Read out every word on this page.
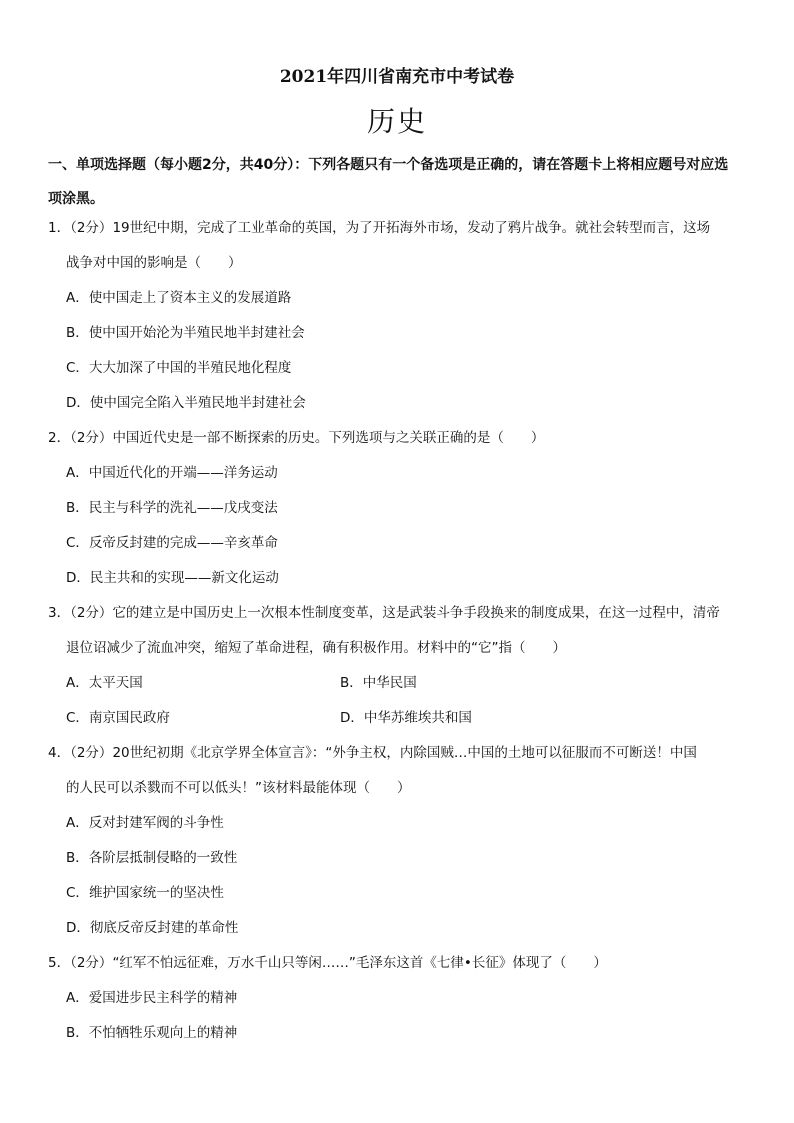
2021年四川省南充市中考试卷
历史
一、单项选择题（每小题2分，共40分）：下列各题只有一个备选项是正确的，请在答题卡上将相应题号对应选
项涂黑。
1．（2分）19世纪中期，完成了工业革命的英国，为了开拓海外市场，发动了鸦片战争。就社会转型而言，这场
战争对中国的影响是（　　）
A．使中国走上了资本主义的发展道路
B．使中国开始沦为半殖民地半封建社会
C．大大加深了中国的半殖民地化程度
D．使中国完全陷入半殖民地半封建社会
2．（2分）中国近代史是一部不断探索的历史。下列选项与之关联正确的是（　　）
A．中国近代化的开端——洋务运动
B．民主与科学的洗礼——戊戌变法
C．反帝反封建的完成——辛亥革命
D．民主共和的实现——新文化运动
3．（2分）它的建立是中国历史上一次根本性制度变革，这是武装斗争手段换来的制度成果，在这一过程中，清帝
退位诏减少了流血冲突，缩短了革命进程，确有积极作用。材料中的“它”指（　　）
A．太平天国	B．中华民国
C．南京国民政府	D．中华苏维埃共和国
4．（2分）20世纪初期《北京学界全体宣言》：“外争主权，内除国贼…中国的土地可以征服而不可断送！中国
的人民可以杀戮而不可以低头！”该材料最能体现（　　）
A．反对封建军阀的斗争性
B．各阶层抵制侵略的一致性
C．维护国家统一的坚决性
D．彻底反帝反封建的革命性
5．（2分）“红军不怕远征难，万水千山只等闲……”毛泽东这首《七律•长征》体现了（　　）
A．爱国进步民主科学的精神
B．不怕牺牲乐观向上的精神
